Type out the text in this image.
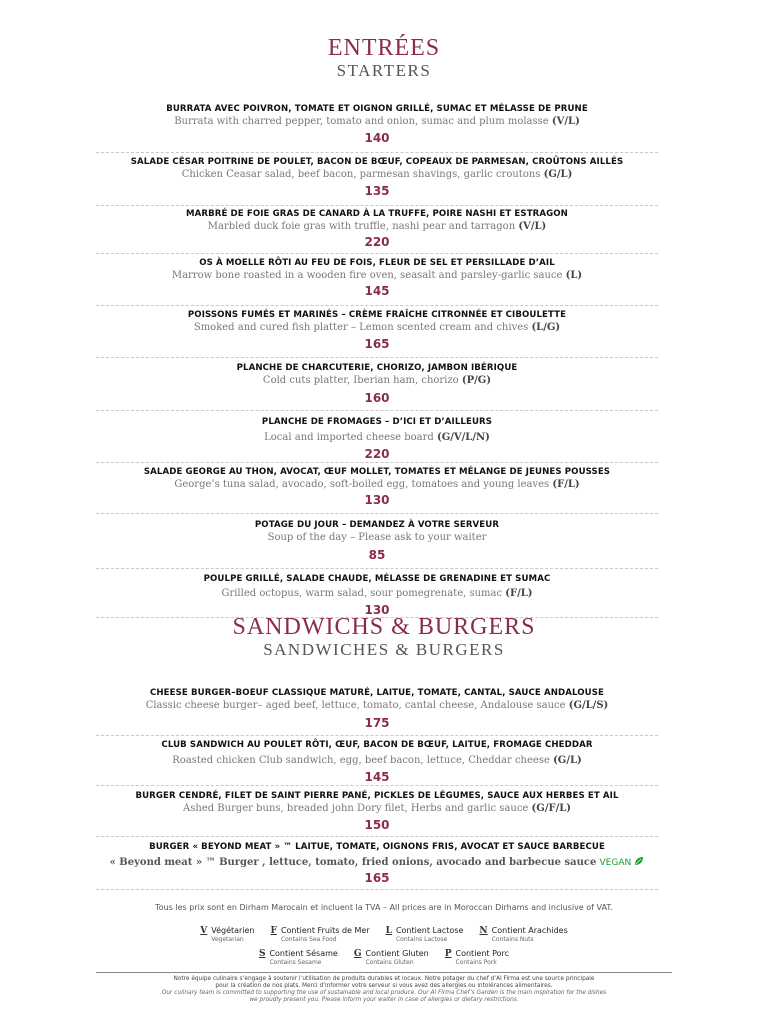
ENTRÉES
STARTERS
BURRATA AVEC POIVRON, TOMATE ET OIGNON GRILLÉ, SUMAC ET MÉLASSE DE PRUNE
Burrata with charred pepper, tomato and onion, sumac and plum molasse (V/L)
140
SALADE CÉSAR POITRINE DE POULET, BACON DE BŒUF, COPEAUX DE PARMESAN, CROÛTONS AILLÉS
Chicken Ceasar salad, beef bacon, parmesan shavings, garlic croutons (G/L)
135
MARBRÉ DE FOIE GRAS DE CANARD À LA TRUFFE, POIRE NASHI ET ESTRAGON
Marbled duck foie gras with truffle, nashi pear and tarragon (V/L)
220
OS À MOELLE RÔTI AU FEU DE FOIS, FLEUR DE SEL ET PERSILLADE D’AIL
Marrow bone roasted in a wooden fire oven, seasalt and parsley-garlic sauce (L)
145
POISSONS FUMÉS ET MARINÉS – CRÈME FRAÎCHE CITRONNÉE ET CIBOULETTE
Smoked and cured fish platter – Lemon scented cream and chives (L/G)
165
PLANCHE DE CHARCUTERIE, CHORIZO, JAMBON IBÉRIQUE
Cold cuts platter, Iberian ham, chorizo (P/G)
160
PLANCHE DE FROMAGES – D’ICI ET D’AILLEURS
Local and imported cheese board (G/V/L/N)
220
SALADE GEORGE AU THON, AVOCAT, ŒUF MOLLET, TOMATES ET MÉLANGE DE JEUNES POUSSES
George’s tuna salad, avocado, soft-boiled egg, tomatoes and young leaves (F/L)
130
POTAGE DU JOUR – DEMANDEZ À VOTRE SERVEUR
Soup of the day – Please ask to your waiter
85
POULPE GRILLÉ, SALADE CHAUDE, MÉLASSE DE GRENADINE ET SUMAC
Grilled octopus, warm salad, sour pomegrenate, sumac (F/L)
130
SANDWICHS & BURGERS
SANDWICHES & BURGERS
CHEESE BURGER–BOEUF CLASSIQUE MATURÉ, LAITUE, TOMATE, CANTAL, SAUCE ANDALOUSE
Classic cheese burger– aged beef, lettuce, tomato, cantal cheese, Andalouse sauce (G/L/S)
175
CLUB SANDWICH AU POULET RÔTI, ŒUF, BACON DE BŒUF, LAITUE, FROMAGE CHEDDAR
Roasted chicken Club sandwich, egg, beef bacon, lettuce, Cheddar cheese (G/L)
145
BURGER CENDRÉ, FILET DE SAINT PIERRE PANÉ, PICKLES DE LÉGUMES, SAUCE AUX HERBES ET AIL
Ashed Burger buns, breaded john Dory filet, Herbs and garlic sauce (G/F/L)
150
BURGER « BEYOND MEAT » ™ LAITUE, TOMATE, OIGNONS FRIS, AVOCAT ET SAUCE BARBECUE
« Beyond meat » ™ Burger , lettuce, tomato, fried onions, avocado and barbecue sauce VEGAN
165
Tous les prix sont en Dirham Marocain et incluent la TVA – All prices are in Moroccan Dirhams and inclusive of VAT.
V Végétarien
Vegetarian
F Contient Fruits de Mer
Contains Sea Food
L Contient Lactose
Contains Lactose
N Contient Arachides
Contains Nuts
S Contient Sésame
Contains Sesame
G Contient Gluten
Contains Gluten
P Contient Porc
Contains Pork
Notre équipe culinaire s’engage à soutenir l’utilisation de produits durables et locaux. Notre potager du chef d’Al Firma est une source principale
pour la création de nos plats. Merci d’informer votre serveur si vous avez des allergies ou intolérances alimentaires.
Our culinary team is committed to supporting the use of sustainable and local produce. Our Al Firma Chef’s Garden is the main inspiration for the dishes
we proudly present you. Please inform your waiter in case of allergies or dietary restrictions.
